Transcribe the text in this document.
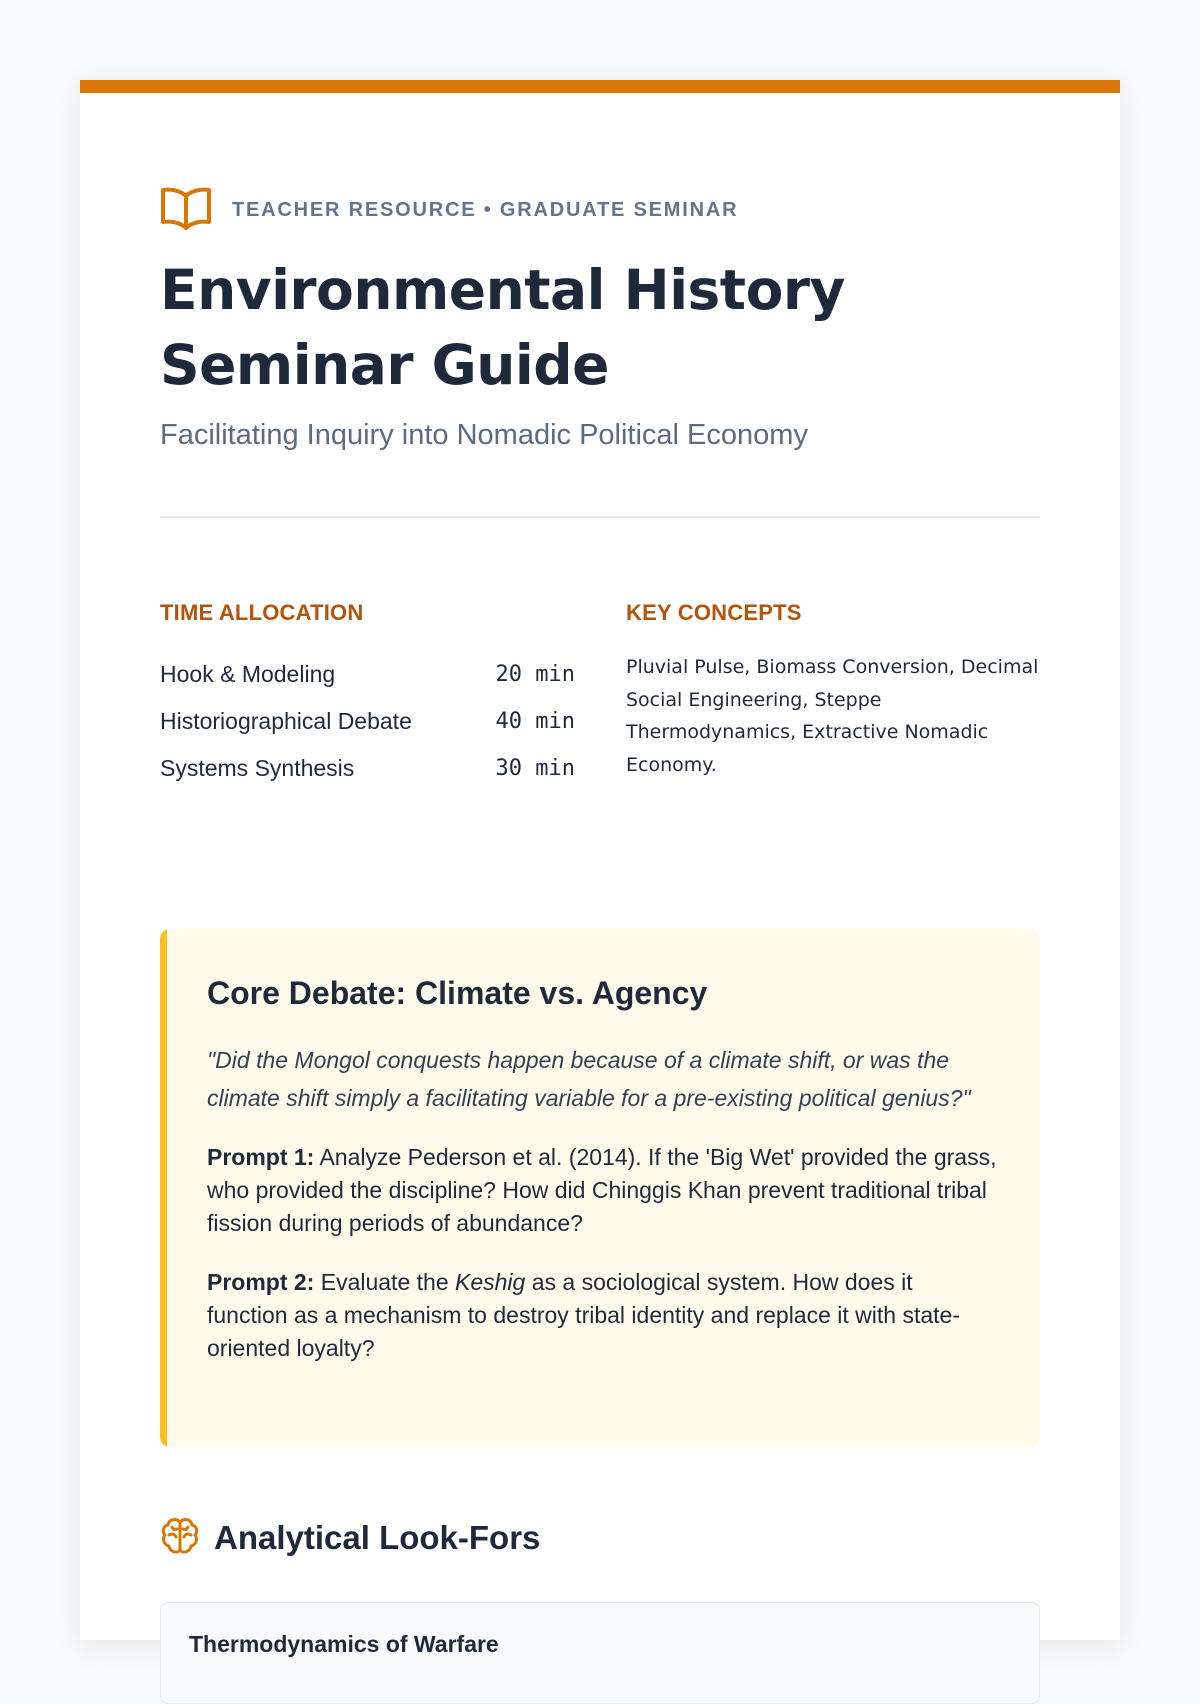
TEACHER RESOURCE • GRADUATE SEMINAR
Environmental History
Seminar Guide
Facilitating Inquiry into Nomadic Political Economy
TIME ALLOCATION
Hook & Modeling	20 min
Historiographical Debate	40 min
Systems Synthesis	30 min
KEY CONCEPTS
Pluvial Pulse, Biomass Conversion, Decimal Social Engineering, Steppe Thermodynamics, Extractive Nomadic Economy.
Core Debate: Climate vs. Agency

"Did the Mongol conquests happen because of a climate shift, or was the climate shift simply a facilitating variable for a pre-existing political genius?"

Prompt 1: Analyze Pederson et al. (2014). If the 'Big Wet' provided the grass, who provided the discipline? How did Chinggis Khan prevent traditional tribal fission during periods of abundance?

Prompt 2: Evaluate the Keshig as a sociological system. How does it function as a mechanism to destroy tribal identity and replace it with state-oriented loyalty?

Analytical Look-Fors
Thermodynamics of Warfare
